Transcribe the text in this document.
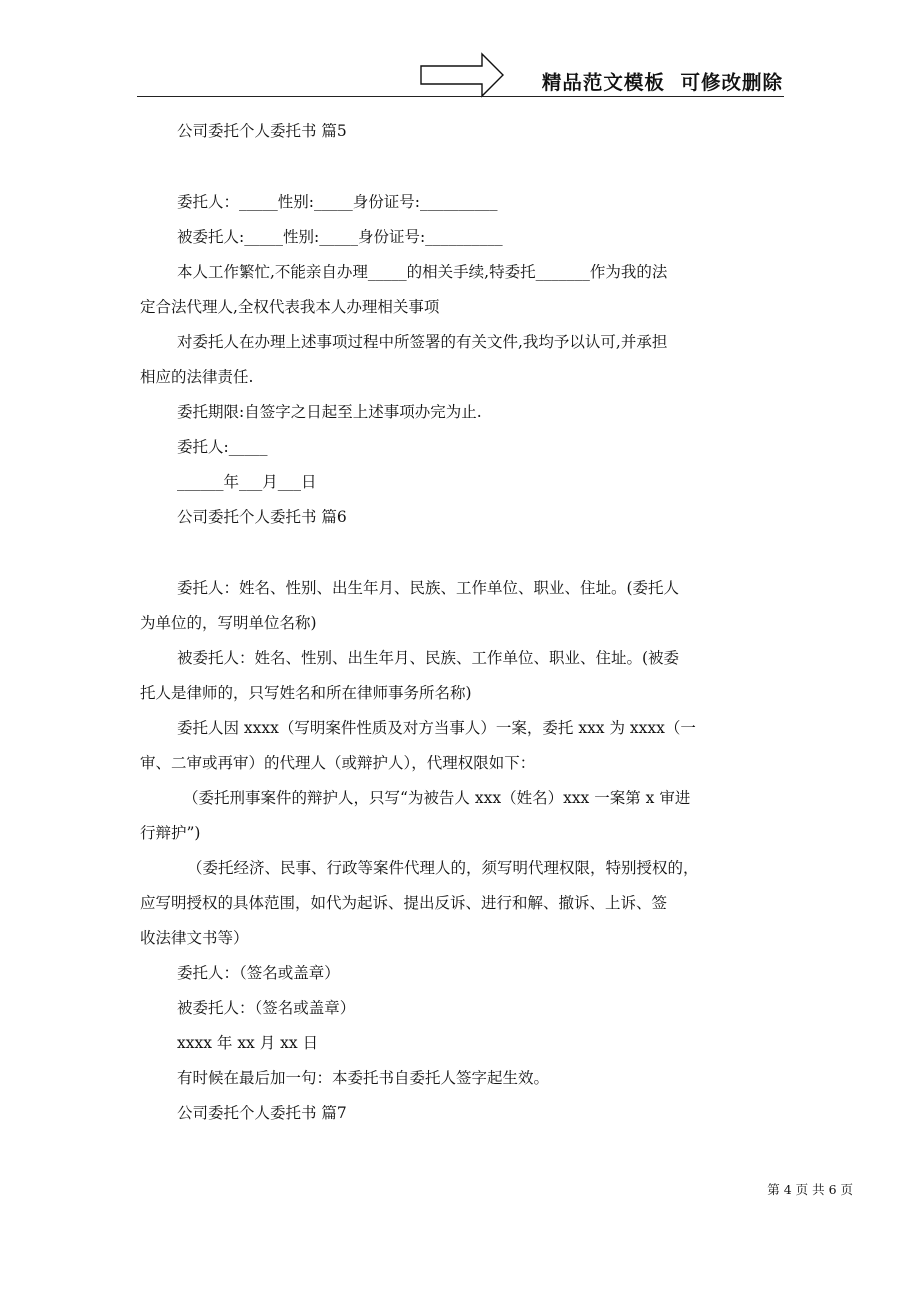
精品范文模板  可修改删除
公司委托个人委托书 篇5
委托人：_____性别:_____身份证号:__________
被委托人:_____性别:_____身份证号:__________
本人工作繁忙,不能亲自办理_____的相关手续,特委托_______作为我的法
定合法代理人,全权代表我本人办理相关事项
对委托人在办理上述事项过程中所签署的有关文件,我均予以认可,并承担
相应的法律责任.
委托期限:自签字之日起至上述事项办完为止.
委托人:_____
______年___月___日
公司委托个人委托书 篇6
委托人：姓名、性别、出生年月、民族、工作单位、职业、住址。(委托人
为单位的，写明单位名称)
被委托人：姓名、性别、出生年月、民族、工作单位、职业、住址。(被委
托人是律师的，只写姓名和所在律师事务所名称)
委托人因 xxxx（写明案件性质及对方当事人）一案，委托 xxx 为 xxxx（一
审、二审或再审）的代理人（或辩护人），代理权限如下：
（委托刑事案件的辩护人，只写“为被告人 xxx（姓名）xxx 一案第 x 审进
行辩护”)
（委托经济、民事、行政等案件代理人的，须写明代理权限，特别授权的，
应写明授权的具体范围，如代为起诉、提出反诉、进行和解、撤诉、上诉、签
收法律文书等）
委托人：（签名或盖章）
被委托人：（签名或盖章）
xxxx 年 xx 月 xx 日
有时候在最后加一句：本委托书自委托人签字起生效。
公司委托个人委托书 篇7
第 4 页 共 6 页
